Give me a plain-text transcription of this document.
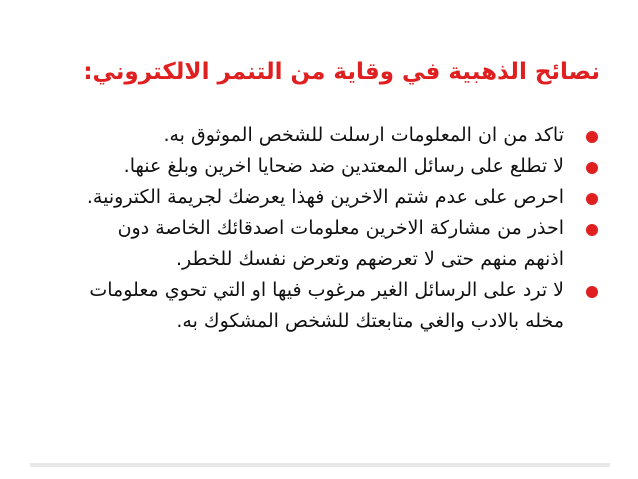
نصائح الذهبية في وقاية من التنمر الالكتروني:
تاكد من ان المعلومات ارسلت للشخص الموثوق به.
لا تطلع على رسائل المعتدين ضد ضحايا اخرين وبلغ عنها.
احرص على عدم شتم الاخرين فهذا يعرضك لجريمة الكترونية.
احذر من مشاركة الاخرين معلومات اصدقائك الخاصة دون
اذنهم منهم حتى لا تعرضهم وتعرض نفسك للخطر.
لا ترد على الرسائل الغير مرغوب فيها او التي تحوي معلومات
مخله بالادب والغي متابعتك للشخص المشكوك به.
